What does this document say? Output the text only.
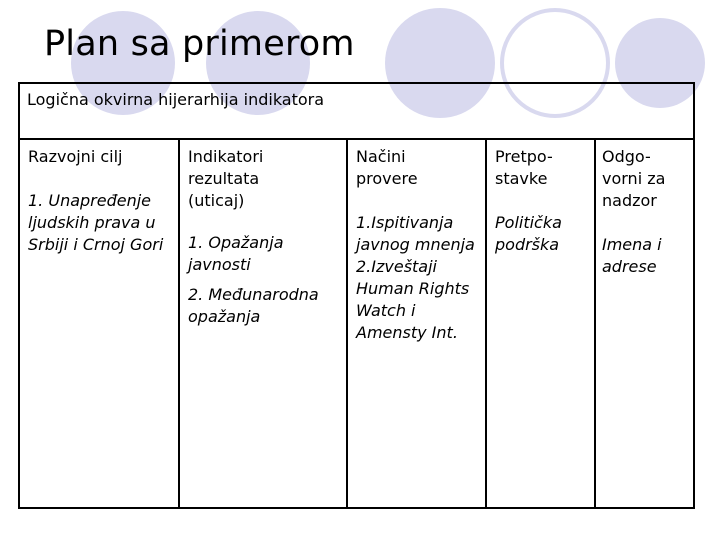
Plan sa primerom
Logična okvirna hijerarhija indikatora
Razvojni cilj
1. Unapređenje ljudskih prava u Srbiji i Crnoj Gori
Indikatori rezultata (uticaj)
1. Opažanja javnosti
2. Međunarodna opažanja
Načini provere
1.Ispitivanja javnog mnenja
2.Izveštaji Human Rights Watch i Amensty Int.
Pretpo-stavke
Politička podrška
Odgo-vorni za nadzor
Imena i adrese
